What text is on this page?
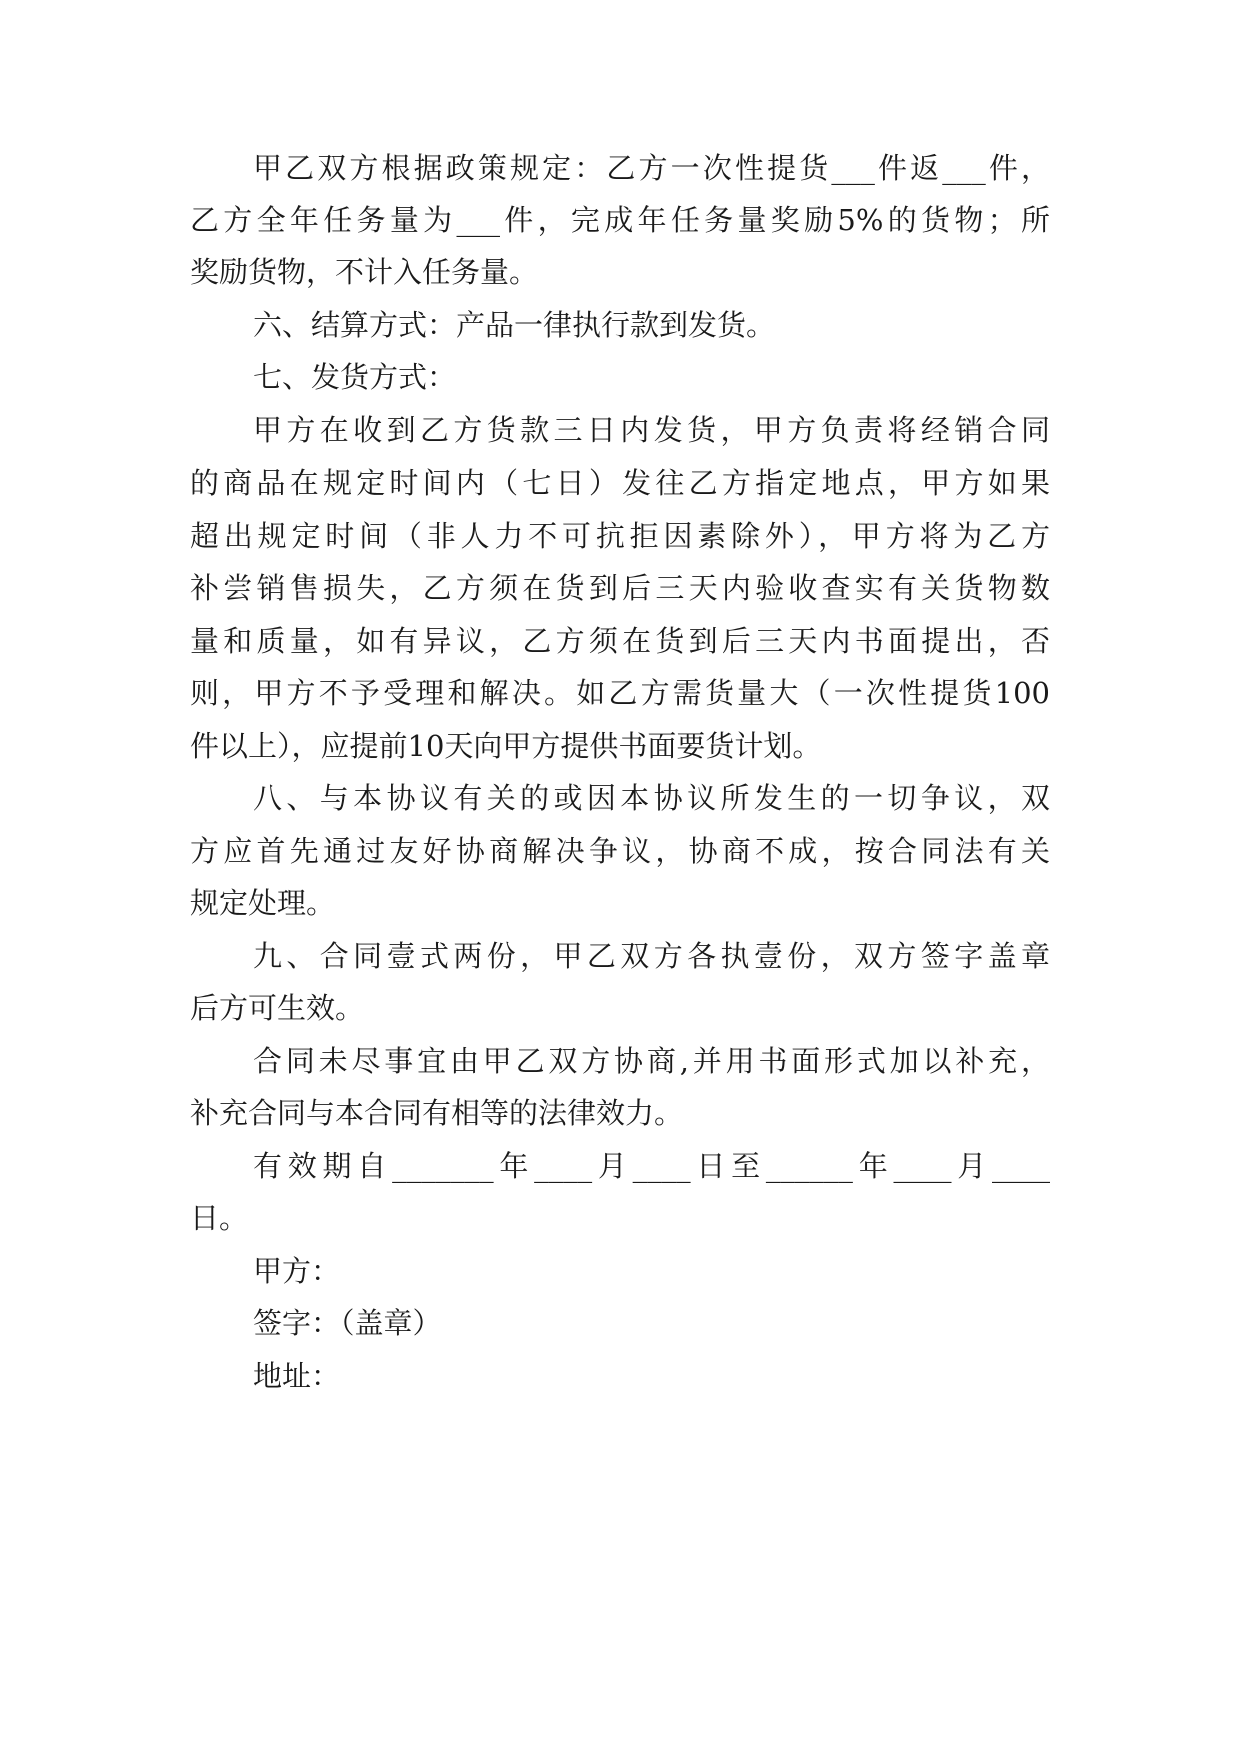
甲乙双方根据政策规定：乙方一次性提货___件返___件，
乙方全年任务量为___件，完成年任务量奖励5%的货物；所
奖励货物，不计入任务量。
六、结算方式：产品一律执行款到发货。
七、发货方式：
甲方在收到乙方货款三日内发货，甲方负责将经销合同
的商品在规定时间内（七日）发往乙方指定地点，甲方如果
超出规定时间（非人力不可抗拒因素除外），甲方将为乙方
补尝销售损失，乙方须在货到后三天内验收查实有关货物数
量和质量，如有异议，乙方须在货到后三天内书面提出，否
则，甲方不予受理和解决。如乙方需货量大（一次性提货100
件以上），应提前10天向甲方提供书面要货计划。
八、与本协议有关的或因本协议所发生的一切争议，双
方应首先通过友好协商解决争议，协商不成，按合同法有关
规定处理。
九、合同壹式两份，甲乙双方各执壹份，双方签字盖章
后方可生效。
合同未尽事宜由甲乙双方协商,并用书面形式加以补充，
补充合同与本合同有相等的法律效力。
有效期自_______年____月____日至______年____月____
日。
甲方：
签字：（盖章）
地址：
